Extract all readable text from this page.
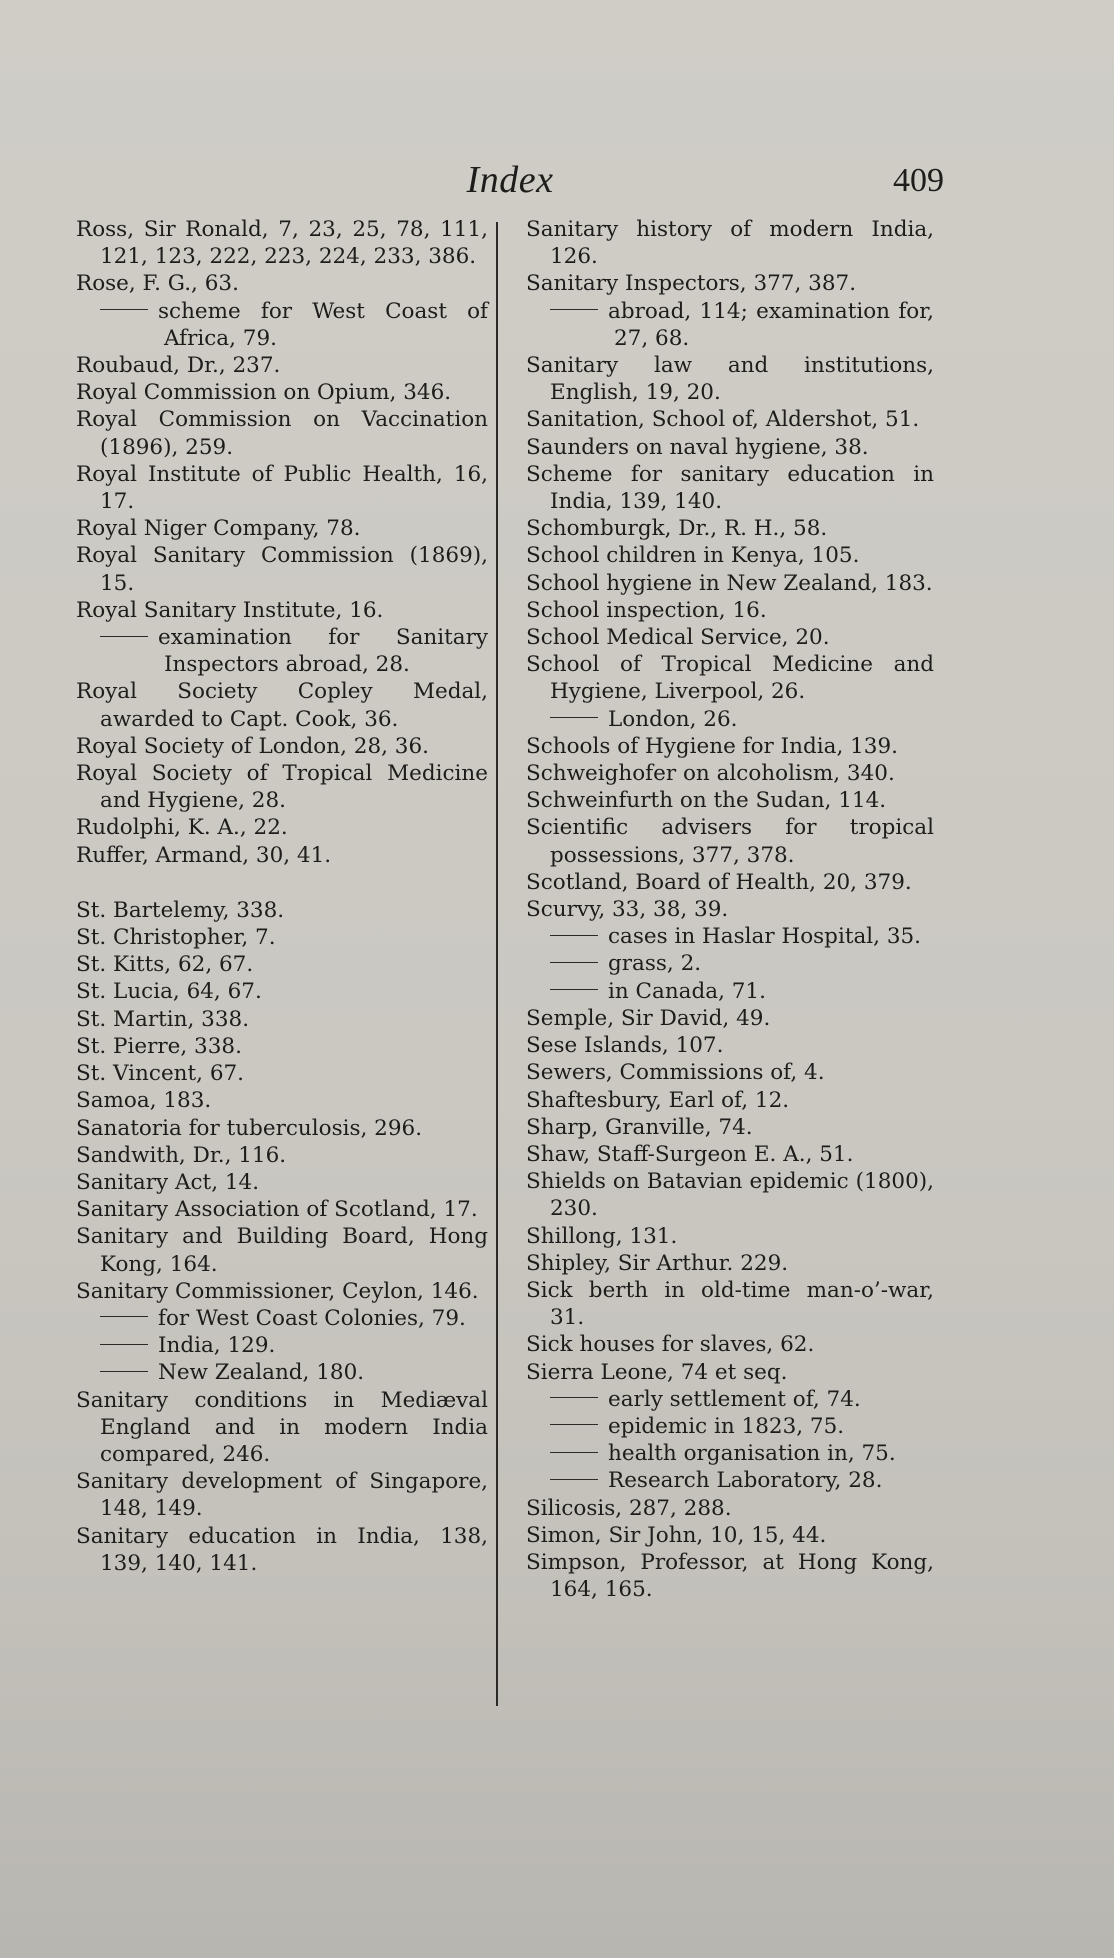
Index	409
Ross, Sir Ronald, 7, 23, 25, 78, 111, 121, 123, 222, 223, 224, 233, 386.
Rose, F. G., 63.
scheme for West Coast of Africa, 79.
Roubaud, Dr., 237.
Royal Commission on Opium, 346.
Royal Commission on Vaccination (1896), 259.
Royal Institute of Public Health, 16, 17.
Royal Niger Company, 78.
Royal Sanitary Commission (1869), 15.
Royal Sanitary Institute, 16.
examination for Sanitary Inspectors abroad, 28.
Royal Society Copley Medal, awarded to Capt. Cook, 36.
Royal Society of London, 28, 36.
Royal Society of Tropical Medicine and Hygiene, 28.
Rudolphi, K. A., 22.
Ruffer, Armand, 30, 41.
St. Bartelemy, 338.
St. Christopher, 7.
St. Kitts, 62, 67.
St. Lucia, 64, 67.
St. Martin, 338.
St. Pierre, 338.
St. Vincent, 67.
Samoa, 183.
Sanatoria for tuberculosis, 296.
Sandwith, Dr., 116.
Sanitary Act, 14.
Sanitary Association of Scotland, 17.
Sanitary and Building Board, Hong Kong, 164.
Sanitary Commissioner, Ceylon, 146.
for West Coast Colonies, 79.
India, 129.
New Zealand, 180.
Sanitary conditions in Mediæval England and in modern India compared, 246.
Sanitary development of Singapore, 148, 149.
Sanitary education in India, 138, 139, 140, 141.
Sanitary history of modern India, 126.
Sanitary Inspectors, 377, 387.
abroad, 114; examination for, 27, 68.
Sanitary law and institutions, English, 19, 20.
Sanitation, School of, Aldershot, 51.
Saunders on naval hygiene, 38.
Scheme for sanitary education in India, 139, 140.
Schomburgk, Dr., R. H., 58.
School children in Kenya, 105.
School hygiene in New Zealand, 183.
School inspection, 16.
School Medical Service, 20.
School of Tropical Medicine and Hygiene, Liverpool, 26.
London, 26.
Schools of Hygiene for India, 139.
Schweighofer on alcoholism, 340.
Schweinfurth on the Sudan, 114.
Scientific advisers for tropical possessions, 377, 378.
Scotland, Board of Health, 20, 379.
Scurvy, 33, 38, 39.
cases in Haslar Hospital, 35.
grass, 2.
in Canada, 71.
Semple, Sir David, 49.
Sese Islands, 107.
Sewers, Commissions of, 4.
Shaftesbury, Earl of, 12.
Sharp, Granville, 74.
Shaw, Staff-Surgeon E. A., 51.
Shields on Batavian epidemic (1800), 230.
Shillong, 131.
Shipley, Sir Arthur. 229.
Sick berth in old-time man-o’-war, 31.
Sick houses for slaves, 62.
Sierra Leone, 74 et seq.
early settlement of, 74.
epidemic in 1823, 75.
health organisation in, 75.
Research Laboratory, 28.
Silicosis, 287, 288.
Simon, Sir John, 10, 15, 44.
Simpson, Professor, at Hong Kong, 164, 165.
